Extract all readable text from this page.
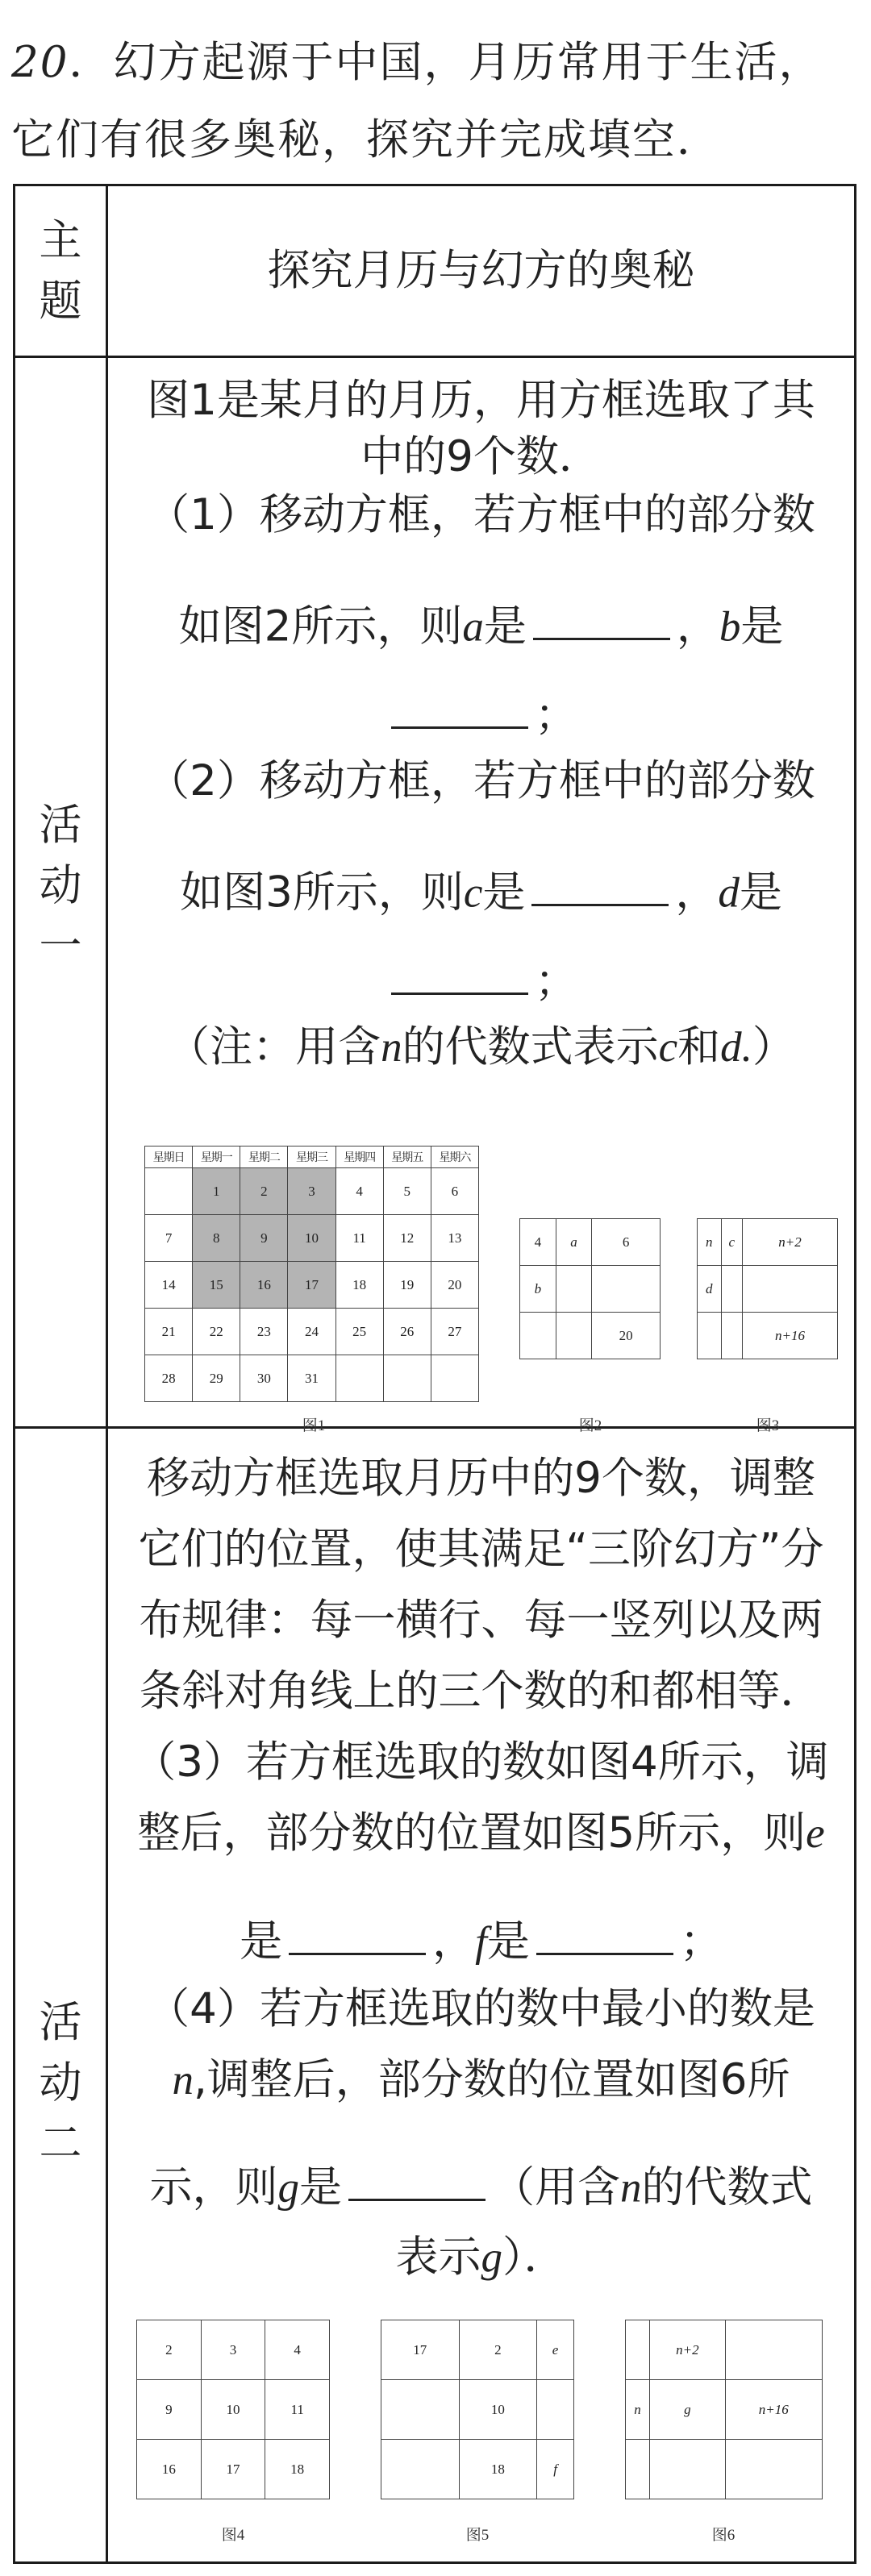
20．幻方起源于中国，月历常用于生活，
它们有很多奥秘，探究并完成填空．
主题
探究月历与幻方的奥秘
活动一
图1是某月的月历，用方框选取了其
中的9个数．
（1）移动方框，若方框中的部分数
如图2所示，则a是	，b是
；
（2）移动方框，若方框中的部分数
如图3所示，则c是	，d是
；
（注：用含n的代数式表示c和d.）
星期日	星期一	星期二	星期三	星期四	星期五	星期六
	1	2	3	4	5	6
7	8	9	10	11	12	13
14	15	16	17	18	19	20
21	22	23	24	25	26	27
28	29	30	31			
图1
4	a	6
b		
		20
图2
n	c	n+2
d		
		n+16
图3
活动二
移动方框选取月历中的9个数，调整
它们的位置，使其满足“三阶幻方”分
布规律：每一横行、每一竖列以及两
条斜对角线上的三个数的和都相等．
（3）若方框选取的数如图4所示，调
整后，部分数的位置如图5所示，则e
是	，f是	；
（4）若方框选取的数中最小的数是
n,调整后，部分数的位置如图6所
示，则g是	（用含n的代数式
表示g）．
2	3	4
9	10	11
16	17	18
图4
17	2	e
	10	
	18	f
图5
	n+2	
n	g	n+16

图6
